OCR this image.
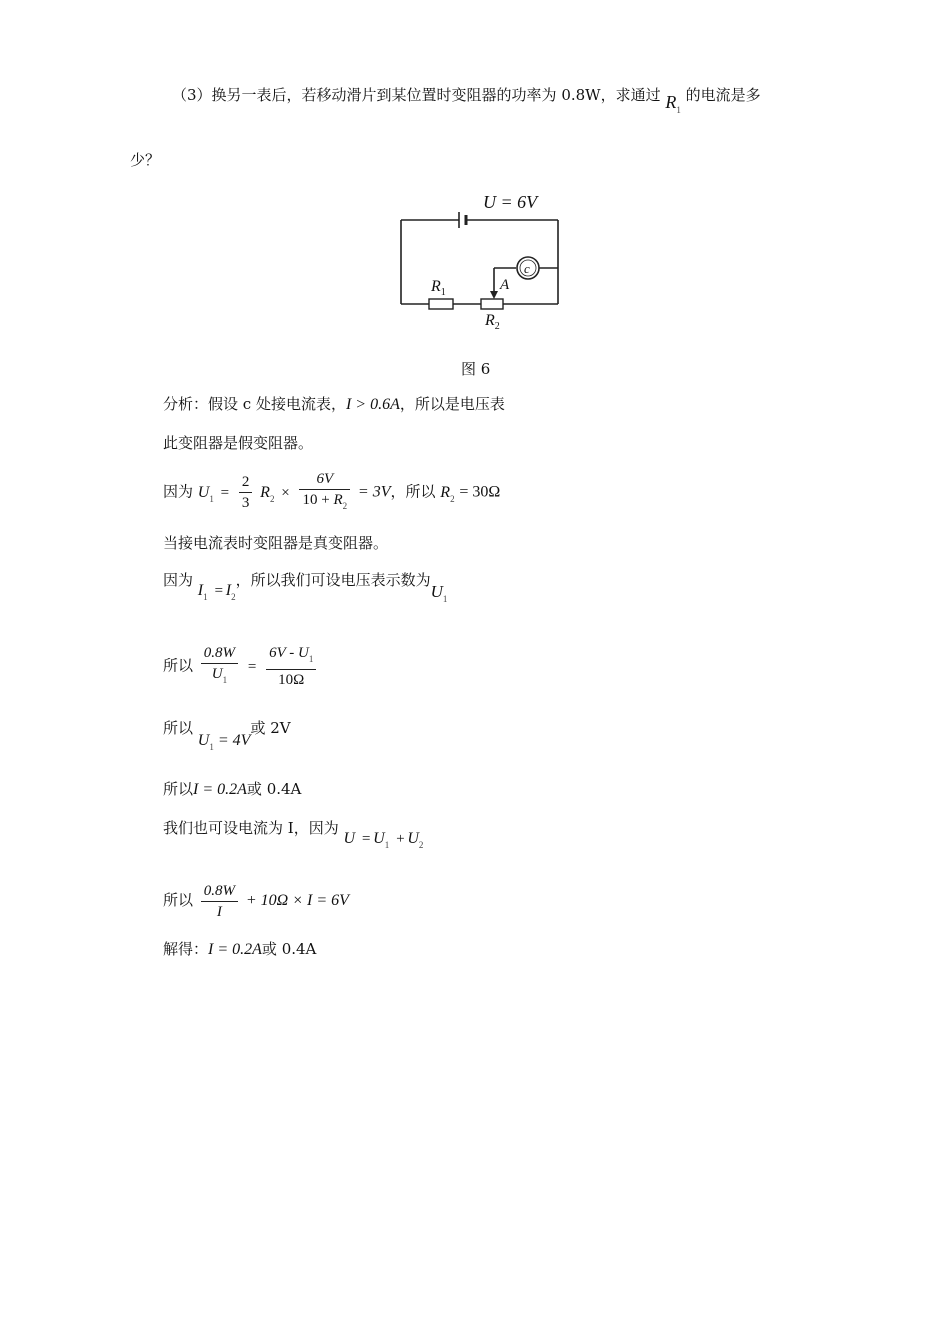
（3）换另一表后，若移动滑片到某位置时变阻器的功率为 0.8W，求通过 $R_1$ 的电流是多
少？
U = 6V
c
A
$R_1$
$R_2$
图 6
分析：假设 c 处接电流表，I > 0.6A，所以是电压表
此变阻器是假变阻器。
因为 $U_1 = \frac{2}{3} R_2 \times \frac{6V}{10 + R_2} = 3V$，所以 $R_2 = 30\Omega$
当接电流表时变阻器是真变阻器。
因为 $I_1 = I_2$，所以我们可设电压表示数为$U_1$
所以 $\frac{0.8W}{U_1} = \frac{6V - U_1}{10\Omega}$
所以 $U_1 = 4V$或 2V
所以I = 0.2A或 0.4A
我们也可设电流为 I，因为 $U = U_1 + U_2$
所以 $\frac{0.8W}{I} + 10\Omega \times I = 6V$
解得：I = 0.2A或 0.4A
